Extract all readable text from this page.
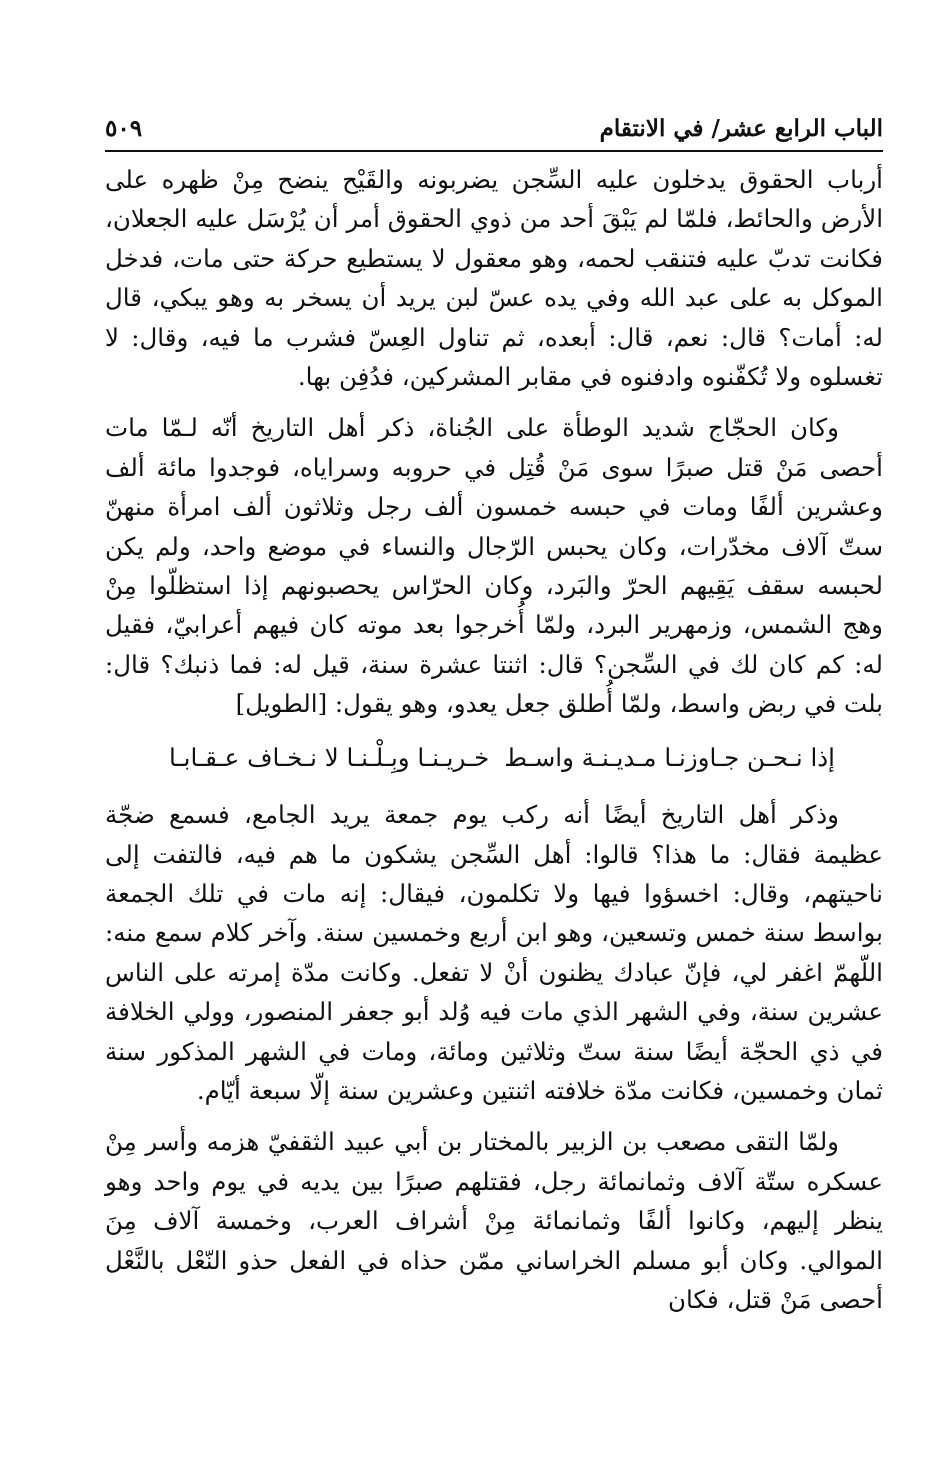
الباب الرابع عشر/ في الانتقام
٥٠٩

أرباب الحقوق يدخلون عليه السِّجن يضربونه والقَيْح ينضح مِنْ ظهره على الأرض والحائط، فلمّا لم يَبْقَ أحد من ذوي الحقوق أمر أن يُرْسَل عليه الجعلان، فكانت تدبّ عليه فتنقب لحمه، وهو معقول لا يستطيع حركة حتى مات، فدخل الموكل به على عبد الله وفي يده عسّ لبن يريد أن يسخر به وهو يبكي، قال له: أمات؟ قال: نعم، قال: أبعده، ثم تناول العِسّ فشرب ما فيه، وقال: لا تغسلوه ولا تُكفّنوه وادفنوه في مقابر المشركين، فدُفِن بها.

وكان الحجّاج شديد الوطأة على الجُناة، ذكر أهل التاريخ أنّه لـمّا مات أحصى مَنْ قتل صبرًا سوى مَنْ قُتِل في حروبه وسراياه، فوجدوا مائة ألف وعشرين ألفًا ومات في حبسه خمسون ألف رجل وثلاثون ألف امرأة منهنّ ستّ آلاف مخدّرات، وكان يحبس الرّجال والنساء في موضع واحد، ولم يكن لحبسه سقف يَقِيهم الحرّ والبَرد، وكان الحرّاس يحصبونهم إذا استظلّوا مِنْ وهج الشمس، وزمهرير البرد، ولمّا أُخرجوا بعد موته كان فيهم أعرابيّ، فقيل له: كم كان لك في السِّجن؟ قال: اثنتا عشرة سنة، قيل له: فما ذنبك؟ قال: بلت في ربض واسط، ولمّا أُطلق جعل يعدو، وهو يقول: [الطويل]

إذا نـحـن جـاوزنـا مـديـنـة واسـط
خـريـنـا وبِـلْـنـا لا نـخـاف عـقـابـا

وذكر أهل التاريخ أيضًا أنه ركب يوم جمعة يريد الجامع، فسمع ضجّة عظيمة فقال: ما هذا؟ قالوا: أهل السِّجن يشكون ما هم فيه، فالتفت إلى ناحيتهم، وقال: اخسؤوا فيها ولا تكلمون، فيقال: إنه مات في تلك الجمعة بواسط سنة خمس وتسعين، وهو ابن أربع وخمسين سنة. وآخر كلام سمع منه: اللّهمّ اغفر لي، فإنّ عبادك يظنون أنْ لا تفعل. وكانت مدّة إمرته على الناس عشرين سنة، وفي الشهر الذي مات فيه وُلد أبو جعفر المنصور، وولي الخلافة في ذي الحجّة أيضًا سنة ستّ وثلاثين ومائة، ومات في الشهر المذكور سنة ثمان وخمسين، فكانت مدّة خلافته اثنتين وعشرين سنة إلّا سبعة أيّام.

ولمّا التقى مصعب بن الزبير بالمختار بن أبي عبيد الثقفيّ هزمه وأسر مِنْ عسكره ستّة آلاف وثمانمائة رجل، فقتلهم صبرًا بين يديه في يوم واحد وهو ينظر إليهم، وكانوا ألفًا وثمانمائة مِنْ أشراف العرب، وخمسة آلاف مِنَ الموالي. وكان أبو مسلم الخراساني ممّن حذاه في الفعل حذو النّعْل بالنَّعْل أحصى مَنْ قتل، فكان
